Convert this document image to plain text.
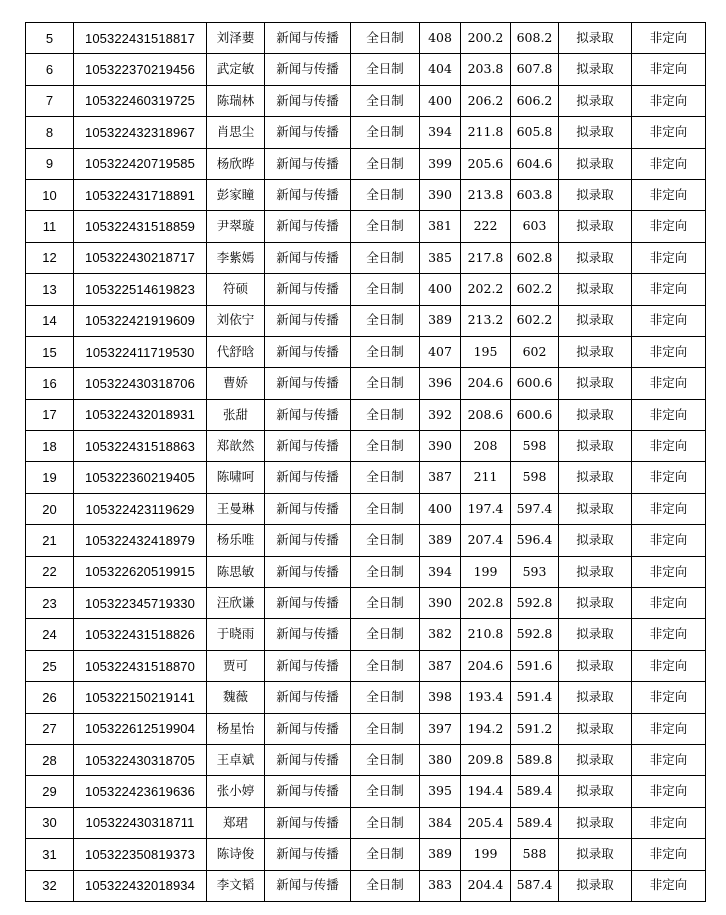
5	105322431518817	刘泽葽	新闻与传播	全日制	408	200.2	608.2	拟录取	非定向
6	105322370219456	武定敏	新闻与传播	全日制	404	203.8	607.8	拟录取	非定向
7	105322460319725	陈瑞林	新闻与传播	全日制	400	206.2	606.2	拟录取	非定向
8	105322432318967	肖思尘	新闻与传播	全日制	394	211.8	605.8	拟录取	非定向
9	105322420719585	杨欣晔	新闻与传播	全日制	399	205.6	604.6	拟录取	非定向
10	105322431718891	彭家瞳	新闻与传播	全日制	390	213.8	603.8	拟录取	非定向
11	105322431518859	尹翠璇	新闻与传播	全日制	381	222	603	拟录取	非定向
12	105322430218717	李紫嫣	新闻与传播	全日制	385	217.8	602.8	拟录取	非定向
13	105322514619823	符硕	新闻与传播	全日制	400	202.2	602.2	拟录取	非定向
14	105322421919609	刘依宁	新闻与传播	全日制	389	213.2	602.2	拟录取	非定向
15	105322411719530	代舒晗	新闻与传播	全日制	407	195	602	拟录取	非定向
16	105322430318706	曹娇	新闻与传播	全日制	396	204.6	600.6	拟录取	非定向
17	105322432018931	张甜	新闻与传播	全日制	392	208.6	600.6	拟录取	非定向
18	105322431518863	郑歆然	新闻与传播	全日制	390	208	598	拟录取	非定向
19	105322360219405	陈啸呵	新闻与传播	全日制	387	211	598	拟录取	非定向
20	105322423119629	王曼琳	新闻与传播	全日制	400	197.4	597.4	拟录取	非定向
21	105322432418979	杨乐唯	新闻与传播	全日制	389	207.4	596.4	拟录取	非定向
22	105322620519915	陈思敏	新闻与传播	全日制	394	199	593	拟录取	非定向
23	105322345719330	汪欣谦	新闻与传播	全日制	390	202.8	592.8	拟录取	非定向
24	105322431518826	于晓雨	新闻与传播	全日制	382	210.8	592.8	拟录取	非定向
25	105322431518870	贾可	新闻与传播	全日制	387	204.6	591.6	拟录取	非定向
26	105322150219141	魏薇	新闻与传播	全日制	398	193.4	591.4	拟录取	非定向
27	105322612519904	杨星怡	新闻与传播	全日制	397	194.2	591.2	拟录取	非定向
28	105322430318705	王卓斌	新闻与传播	全日制	380	209.8	589.8	拟录取	非定向
29	105322423619636	张小婷	新闻与传播	全日制	395	194.4	589.4	拟录取	非定向
30	105322430318711	郑珺	新闻与传播	全日制	384	205.4	589.4	拟录取	非定向
31	105322350819373	陈诗俊	新闻与传播	全日制	389	199	588	拟录取	非定向
32	105322432018934	李文韬	新闻与传播	全日制	383	204.4	587.4	拟录取	非定向
